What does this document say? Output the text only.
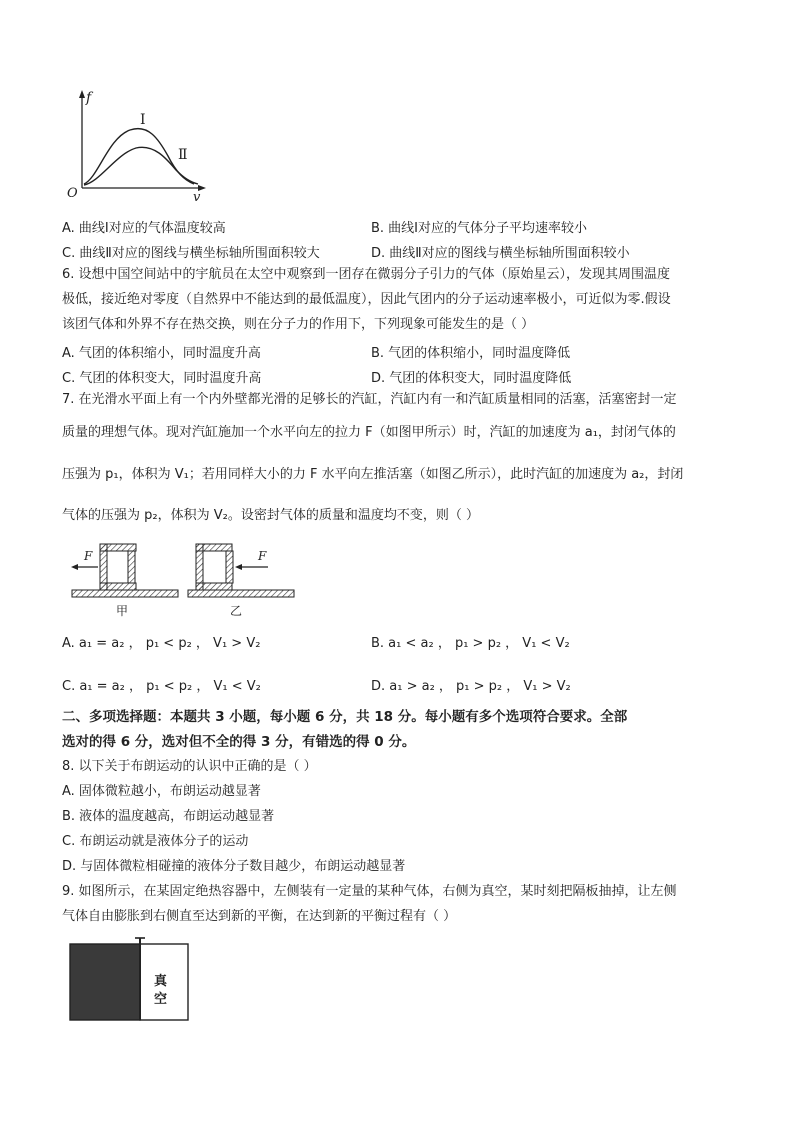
f
O	v
Ⅰ
Ⅱ
A. 曲线Ⅰ对应的气体温度较高	B. 曲线Ⅰ对应的气体分子平均速率较小
C. 曲线Ⅱ对应的图线与横坐标轴所围面积较大	D. 曲线Ⅱ对应的图线与横坐标轴所围面积较小
6. 设想中国空间站中的宇航员在太空中观察到一团存在微弱分子引力的气体（原始星云），发现其周围温度
极低，接近绝对零度（自然界中不能达到的最低温度），因此气团内的分子运动速率极小，可近似为零.假设
该团气体和外界不存在热交换，则在分子力的作用下，下列现象可能发生的是（ ）
A. 气团的体积缩小，同时温度升高	B. 气团的体积缩小，同时温度降低
C. 气团的体积变大，同时温度升高	D. 气团的体积变大，同时温度降低
7. 在光滑水平面上有一个内外壁都光滑的足够长的汽缸，汽缸内有一和汽缸质量相同的活塞，活塞密封一定
质量的理想气体。现对汽缸施加一个水平向左的拉力 F（如图甲所示）时，汽缸的加速度为 a₁，封闭气体的
压强为 p₁，体积为 V₁；若用同样大小的力 F 水平向左推活塞（如图乙所示），此时汽缸的加速度为 a₂，封闭
气体的压强为 p₂，体积为 V₂。设密封气体的质量和温度均不变，则（ ）
F
甲
F
乙
A. a₁ = a₂ ， p₁ < p₂ ， V₁ > V₂	B. a₁ < a₂ ， p₁ > p₂ ， V₁ < V₂
C. a₁ = a₂ ， p₁ < p₂ ， V₁ < V₂	D. a₁ > a₂ ， p₁ > p₂ ， V₁ > V₂
二、多项选择题：本题共 3 小题，每小题 6 分，共 18 分。每小题有多个选项符合要求。全部
选对的得 6 分，选对但不全的得 3 分，有错选的得 0 分。
8. 以下关于布朗运动的认识中正确的是（ ）
A. 固体微粒越小，布朗运动越显著
B. 液体的温度越高，布朗运动越显著
C. 布朗运动就是液体分子的运动
D. 与固体微粒相碰撞的液体分子数目越少，布朗运动越显著
9. 如图所示，在某固定绝热容器中，左侧装有一定量的某种气体，右侧为真空，某时刻把隔板抽掉，让左侧
气体自由膨胀到右侧直至达到新的平衡，在达到新的平衡过程有（ ）
真
空
